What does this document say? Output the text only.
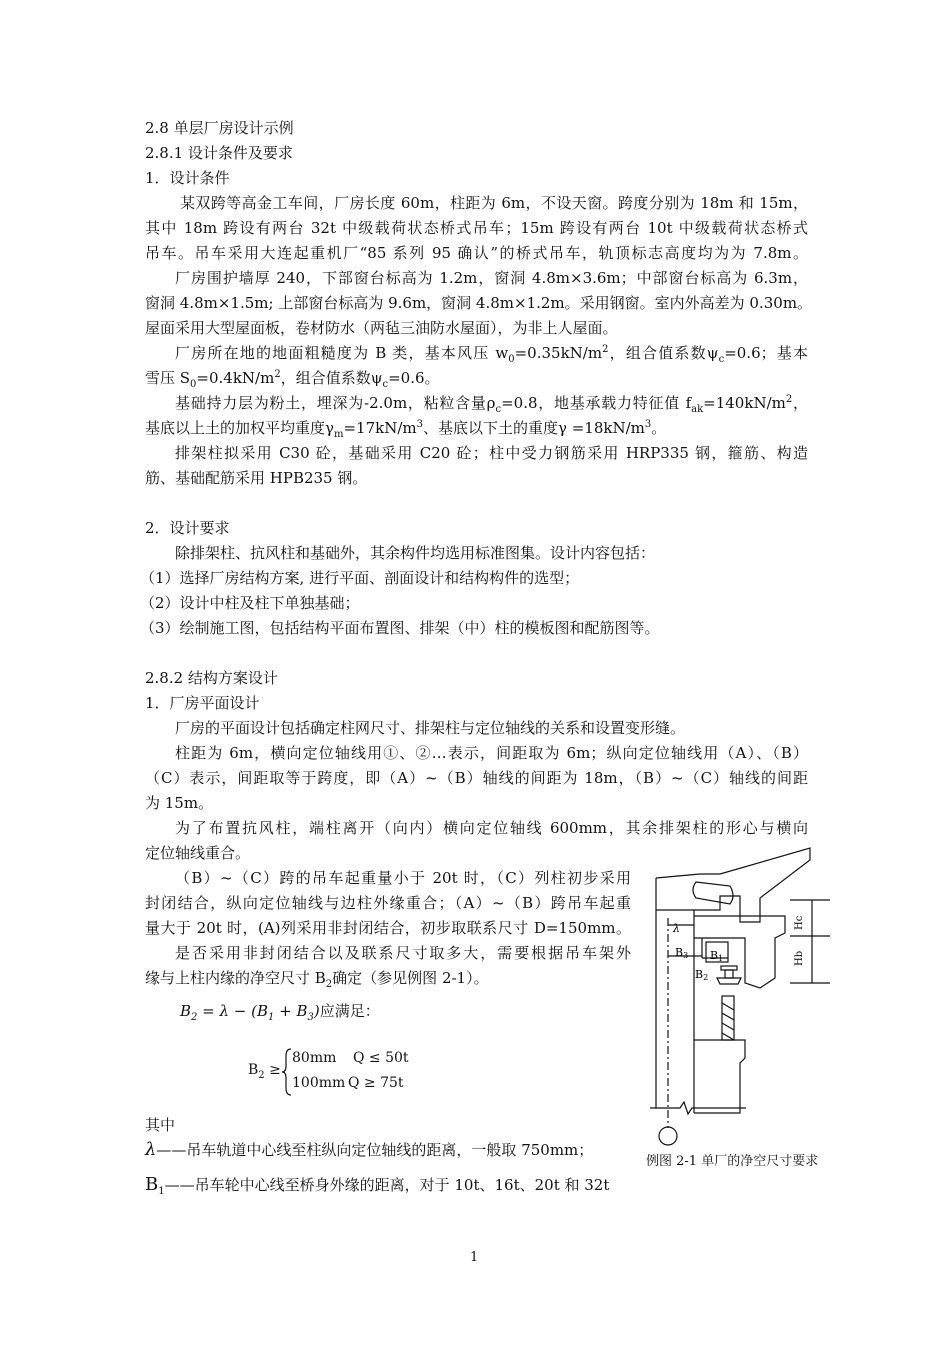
2.8 单层厂房设计示例
2.8.1 设计条件及要求
1．设计条件
某双跨等高金工车间，厂房长度 60m，柱距为 6m，不设天窗。跨度分别为 18m 和 15m，
其中 18m 跨设有两台 32t 中级载荷状态桥式吊车；15m 跨设有两台 10t 中级载荷状态桥式
吊车。吊车采用大连起重机厂“85 系列 95 确认”的桥式吊车，轨顶标志高度均为为 7.8m。
厂房围护墙厚 240，下部窗台标高为 1.2m，窗洞 4.8m×3.6m；中部窗台标高为 6.3m，
窗洞 4.8m×1.5m; 上部窗台标高为 9.6m，窗洞 4.8m×1.2m。采用钢窗。室内外高差为 0.30m。
屋面采用大型屋面板，卷材防水（两毡三油防水屋面），为非上人屋面。
厂房所在地的地面粗糙度为 B 类，基本风压 $w_0=0.35kN/m^2$，组合值系数$\psi_c=0.6$；基本
雪压 $S_0=0.4kN/m^2$，组合值系数$\psi_c=0.6$。
基础持力层为粉土，埋深为-2.0m，粘粒含量$\rho_c=0.8$，地基承载力特征值 $f_{ak}=140kN/m^2$，
基底以上土的加权平均重度$\gamma_m=17kN/m^3$、基底以下土的重度$\gamma =18kN/m^3$。
排架柱拟采用 C30 砼，基础采用 C20 砼；柱中受力钢筋采用 HRP335 钢，箍筋、构造
筋、基础配筋采用 HPB235 钢。
2．设计要求
除排架柱、抗风柱和基础外，其余构件均选用标准图集。设计内容包括：
（1）选择厂房结构方案, 进行平面、剖面设计和结构构件的选型；
（2）设计中柱及柱下单独基础；
（3）绘制施工图，包括结构平面布置图、排架（中）柱的模板图和配筋图等。
2.8.2 结构方案设计
1．厂房平面设计
厂房的平面设计包括确定柱网尺寸、排架柱与定位轴线的关系和设置变形缝。
柱距为 6m，横向定位轴线用①、②…表示，间距取为 6m；纵向定位轴线用（A）、（B）
（C）表示，间距取等于跨度，即（A）~（B）轴线的间距为 18m，（B）~（C）轴线的间距
为 15m。
为了布置抗风柱，端柱离开（向内）横向定位轴线 600mm，其余排架柱的形心与横向
定位轴线重合。
（B）~（C）跨的吊车起重量小于 20t 时，（C）列柱初步采用
封闭结合，纵向定位轴线与边柱外缘重合；（A）~（B）跨吊车起重
量大于 20t 时，(A)列采用非封闭结合，初步取联系尺寸 D=150mm。
是否采用非封闭结合以及联系尺寸取多大，需要根据吊车架外
缘与上柱内缘的净空尺寸 $B_2$确定（参见例图 2-1）。
$B_2 = \lambda - (B_1 + B_3)$应满足：
$B_2$ ≥
80mm Q ≤ 50t
100mm Q ≥ 75t
其中
λ——吊车轨道中心线至柱纵向定位轴线的距离，一般取 750mm；
$B_1——$吊车轮中心线至桥身外缘的距离，对于 10t、16t、20t 和 32t
λ
B3 B1
B2
Hc
Hb
例图 2-1 单厂的净空尺寸要求
1
